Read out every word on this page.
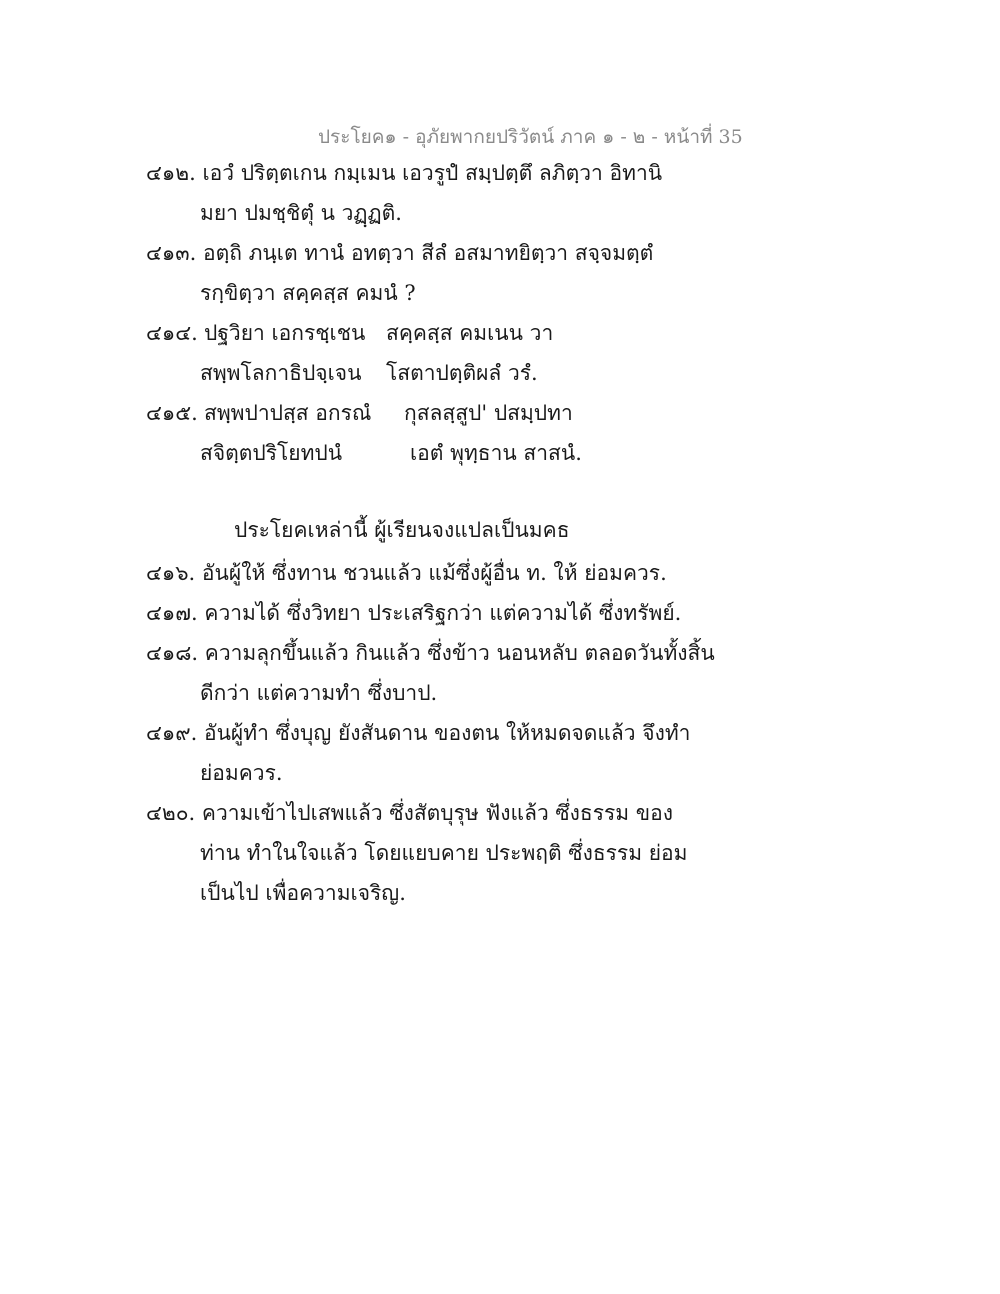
ประโยค๑ - อุภัยพากยปริวัตน์ ภาค ๑ - ๒ - หน้าที่ 35
๔๑๒. เอวํ ปริตฺตเกน กมฺเมน เอวรูปํ สมฺปตฺตึ ลภิตฺวา อิทานิ
มยา ปมชฺชิตุํ น วฏฺฏติ.
๔๑๓. อตฺถิ ภนฺเต ทานํ อทตฺวา สีลํ อสมาทยิตฺวา สจฺจมตฺตํ
รกฺขิตฺวา สคฺคสฺส คมนํ ?
๔๑๔. ปฐวิยา เอกรชฺเชน สคฺคสฺส คมเนน วา
สพฺพโลกาธิปจฺเจน โสตาปตฺติผลํ วรํ.
๔๑๕. สพฺพปาปสฺส อกรณํ กุสลสฺสูป' ปสมฺปทา
สจิตฺตปริโยทปนํ	เอตํ พุทฺธาน สาสนํ.
ประโยคเหล่านี้ ผู้เรียนจงแปลเป็นมคธ
๔๑๖. อันผู้ให้ ซึ่งทาน ชวนแล้ว แม้ซึ่งผู้อื่น ท. ให้ ย่อมควร.
๔๑๗. ความได้ ซึ่งวิทยา ประเสริฐกว่า แต่ความได้ ซึ่งทรัพย์.
๔๑๘. ความลุกขึ้นแล้ว กินแล้ว ซึ่งข้าว นอนหลับ ตลอดวันทั้งสิ้น
ดีกว่า แต่ความทำ ซึ่งบาป.
๔๑๙. อันผู้ทำ ซึ่งบุญ ยังสันดาน ของตน ให้หมดจดแล้ว จึงทำ
ย่อมควร.
๔๒๐. ความเข้าไปเสพแล้ว ซึ่งสัตบุรุษ ฟังแล้ว ซึ่งธรรม ของ
ท่าน ทำในใจแล้ว โดยแยบคาย ประพฤติ ซึ่งธรรม ย่อม
เป็นไป เพื่อความเจริญ.
